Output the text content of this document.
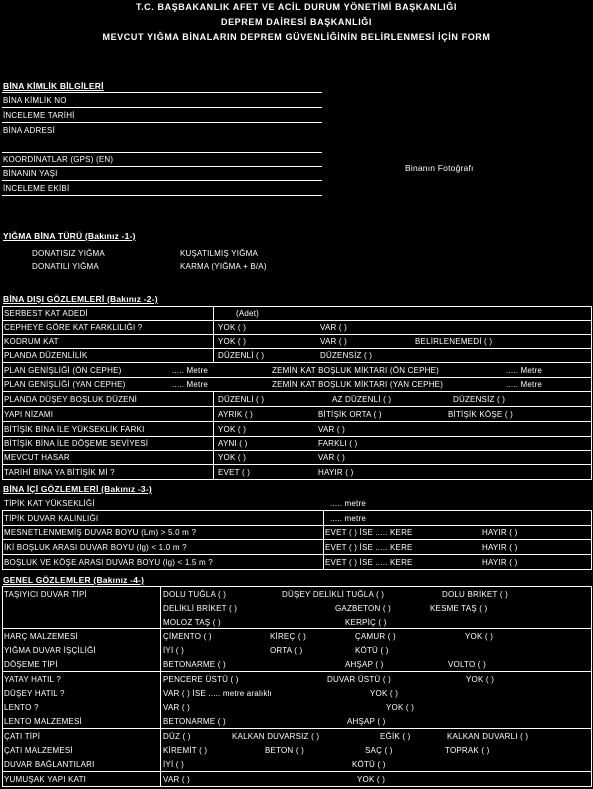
T.C. BAŞBAKANLIK AFET VE ACİL DURUM YÖNETİMİ BAŞKANLIĞI
DEPREM DAİRESİ BAŞKANLIĞI
MEVCUT YIĞMA BİNALARIN DEPREM GÜVENLİĞİNİN BELİRLENMESİ İÇİN FORM
BİNA KİMLİK BİLGİLERİ
BİNA KİMLİK NO
İNCELEME TARİHİ
BİNA ADRESİ
KOORDİNATLAR (GPS) (EN)
BİNANIN YAŞI
İNCELEME EKİBİ
Binanın Fotoğrafı
YIĞMA BİNA TÜRÜ (Bakınız -1-)
DONATISIZ YIĞMA	KUŞATILMIŞ YIĞMA
DONATILI YIĞMA	KARMA (YIĞMA + B/A)
BİNA DIŞI GÖZLEMLERİ (Bakınız -2-)
SERBEST KAT ADEDİ	(Adet)
CEPHEYE GÖRE KAT FARKLILIĞI ?	YOK ( )	VAR ( )
KODRUM KAT	YOK ( )	VAR ( )	BELİRLENEMEDİ ( )
PLANDA DÜZENLİLİK	DÜZENLİ ( )	DÜZENSİZ ( )
PLAN GENİŞLİĞİ (ÖN CEPHE)	..... Metre	ZEMİN KAT BOŞLUK MİKTARI (ÖN CEPHE)	..... Metre
PLAN GENİŞLİĞİ (YAN CEPHE)	..... Metre	ZEMİN KAT BOŞLUK MİKTARI (YAN CEPHE)	..... Metre
PLANDA DÜŞEY BOŞLUK DÜZENİ	DÜZENLİ ( )	AZ DÜZENLİ ( )	DÜZENSİZ ( )
YAPI NİZAMI	AYRIK ( )	BİTİŞİK ORTA ( )	BİTİŞİK KÖŞE ( )
BİTİŞİK BİNA İLE YÜKSEKLİK FARKI	YOK ( )	VAR ( )
BİTİŞİK BİNA İLE DÖŞEME SEVİYESİ	AYNI ( )	FARKLI ( )
MEVCUT HASAR	YOK ( )	VAR ( )
TARİHİ BİNA YA BİTİŞİK Mİ ?	EVET ( )	HAYIR ( )
BİNA İÇİ GÖZLEMLERİ (Bakınız -3-)
TİPİK KAT YÜKSEKLİĞİ	..... metre
TİPİK DUVAR KALINLIĞI	..... metre
MESNETLENMEMİŞ DUVAR BOYU (Lm) > 5.0 m ?	EVET ( ) İSE ..... KERE	HAYIR ( )
İKİ BOŞLUK ARASI DUVAR BOYU (lg) < 1.0 m ?	EVET ( ) İSE ..... KERE	HAYIR ( )
BOŞLUK VE KÖŞE ARASI DUVAR BOYU (lg) < 1.5 m ?	EVET ( ) İSE ..... KERE	HAYIR ( )
GENEL GÖZLEMLER (Bakınız -4-)
TAŞIYICI DUVAR TİPİ	DOLU TUĞLA ( )	DÜŞEY DELİKLİ TUĞLA ( )	DOLU BRİKET ( )
DELİKLİ BRİKET ( )	GAZBETON ( )	KESME TAŞ ( )
MOLOZ TAŞ ( )	KERPİÇ ( )
HARÇ MALZEMESİ	ÇİMENTO ( )	KİREÇ ( )	ÇAMUR ( )	YOK ( )
YIĞMA DUVAR İŞÇİLİĞİ	İYİ ( )	ORTA ( )	KÖTÜ ( )
DÖŞEME TİPİ	BETONARME ( )	AHŞAP ( )	VOLTO ( )
YATAY HATIL ?	PENCERE ÜSTÜ ( )	DUVAR ÜSTÜ ( )	YOK ( )
DÜŞEY HATIL ?	VAR ( ) İSE ..... metre aralıklı	YOK ( )
LENTO ?	VAR ( )	YOK ( )
LENTO MALZEMESİ	BETONARME ( )	AHŞAP ( )
ÇATI TİPİ	DÜZ ( )	KALKAN DUVARSIZ ( )	EĞİK ( )	KALKAN DUVARLI ( )
ÇATI MALZEMESİ	KİREMİT ( )	BETON ( )	SAÇ ( )	TOPRAK ( )
DUVAR BAĞLANTILARI	İYİ ( )	KÖTÜ ( )
YUMUŞAK YAPI KATI	VAR ( )	YOK ( )
